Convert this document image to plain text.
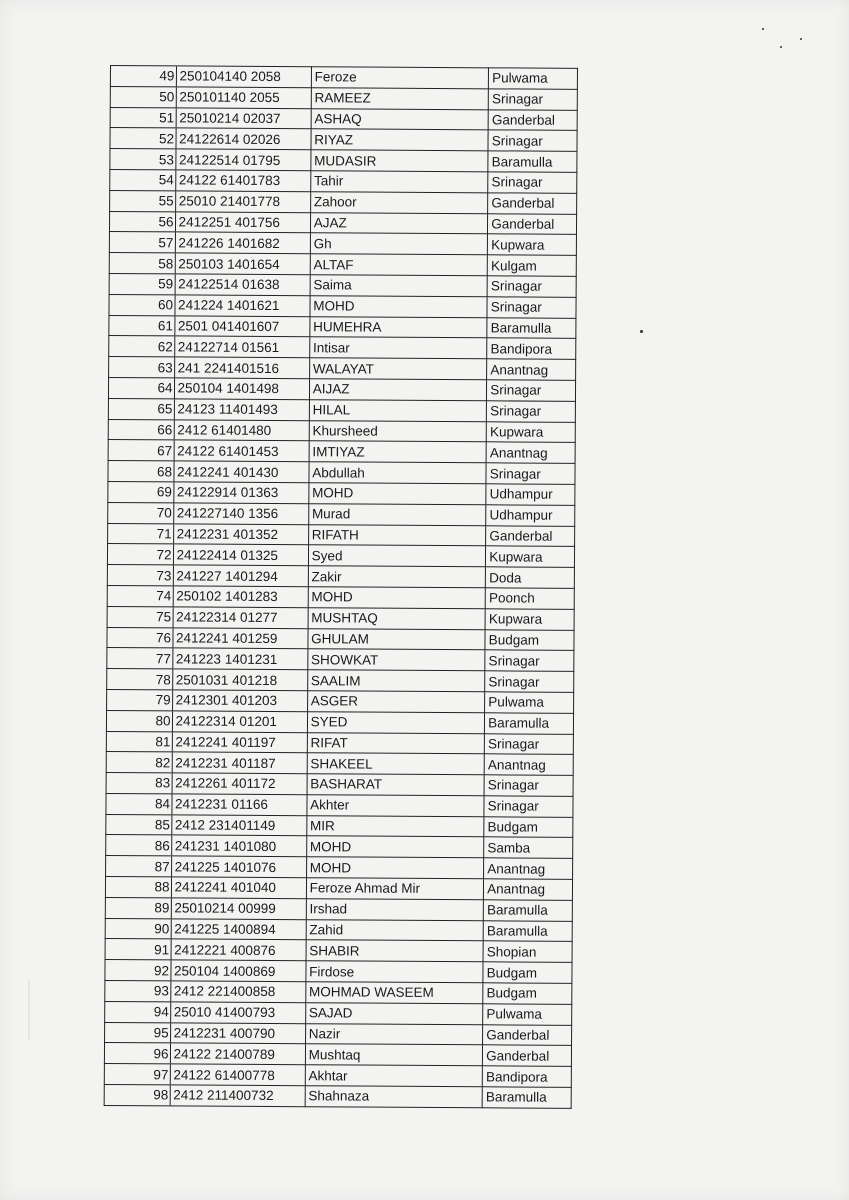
49	250104140 2058	Feroze	Pulwama
50	250101140 2055	RAMEEZ	Srinagar
51	25010214 02037	ASHAQ	Ganderbal
52	24122614 02026	RIYAZ	Srinagar
53	24122514 01795	MUDASIR	Baramulla
54	24122 61401783	Tahir	Srinagar
55	25010 21401778	Zahoor	Ganderbal
56	2412251 401756	AJAZ	Ganderbal
57	241226 1401682	Gh	Kupwara
58	250103 1401654	ALTAF	Kulgam
59	24122514 01638	Saima	Srinagar
60	241224 1401621	MOHD	Srinagar
61	2501 041401607	HUMEHRA	Baramulla
62	24122714 01561	Intisar	Bandipora
63	241 2241401516	WALAYAT	Anantnag
64	250104 1401498	AIJAZ	Srinagar
65	24123 11401493	HILAL	Srinagar
66	2412 61401480	Khursheed	Kupwara
67	24122 61401453	IMTIYAZ	Anantnag
68	2412241 401430	Abdullah	Srinagar
69	24122914 01363	MOHD	Udhampur
70	241227140 1356	Murad	Udhampur
71	2412231 401352	RIFATH	Ganderbal
72	24122414 01325	Syed	Kupwara
73	241227 1401294	Zakir	Doda
74	250102 1401283	MOHD	Poonch
75	24122314 01277	MUSHTAQ	Kupwara
76	2412241 401259	GHULAM	Budgam
77	241223 1401231	SHOWKAT	Srinagar
78	2501031 401218	SAALIM	Srinagar
79	2412301 401203	ASGER	Pulwama
80	24122314 01201	SYED	Baramulla
81	2412241 401197	RIFAT	Srinagar
82	2412231 401187	SHAKEEL	Anantnag
83	2412261 401172	BASHARAT	Srinagar
84	2412231 01166	Akhter	Srinagar
85	2412 231401149	MIR	Budgam
86	241231 1401080	MOHD	Samba
87	241225 1401076	MOHD	Anantnag
88	2412241 401040	Feroze Ahmad Mir	Anantnag
89	25010214 00999	Irshad	Baramulla
90	241225 1400894	Zahid	Baramulla
91	2412221 400876	SHABIR	Shopian
92	250104 1400869	Firdose	Budgam
93	2412 221400858	MOHMAD WASEEM	Budgam
94	25010 41400793	SAJAD	Pulwama
95	2412231 400790	Nazir	Ganderbal
96	24122 21400789	Mushtaq	Ganderbal
97	24122 61400778	Akhtar	Bandipora
98	2412 211400732	Shahnaza	Baramulla
